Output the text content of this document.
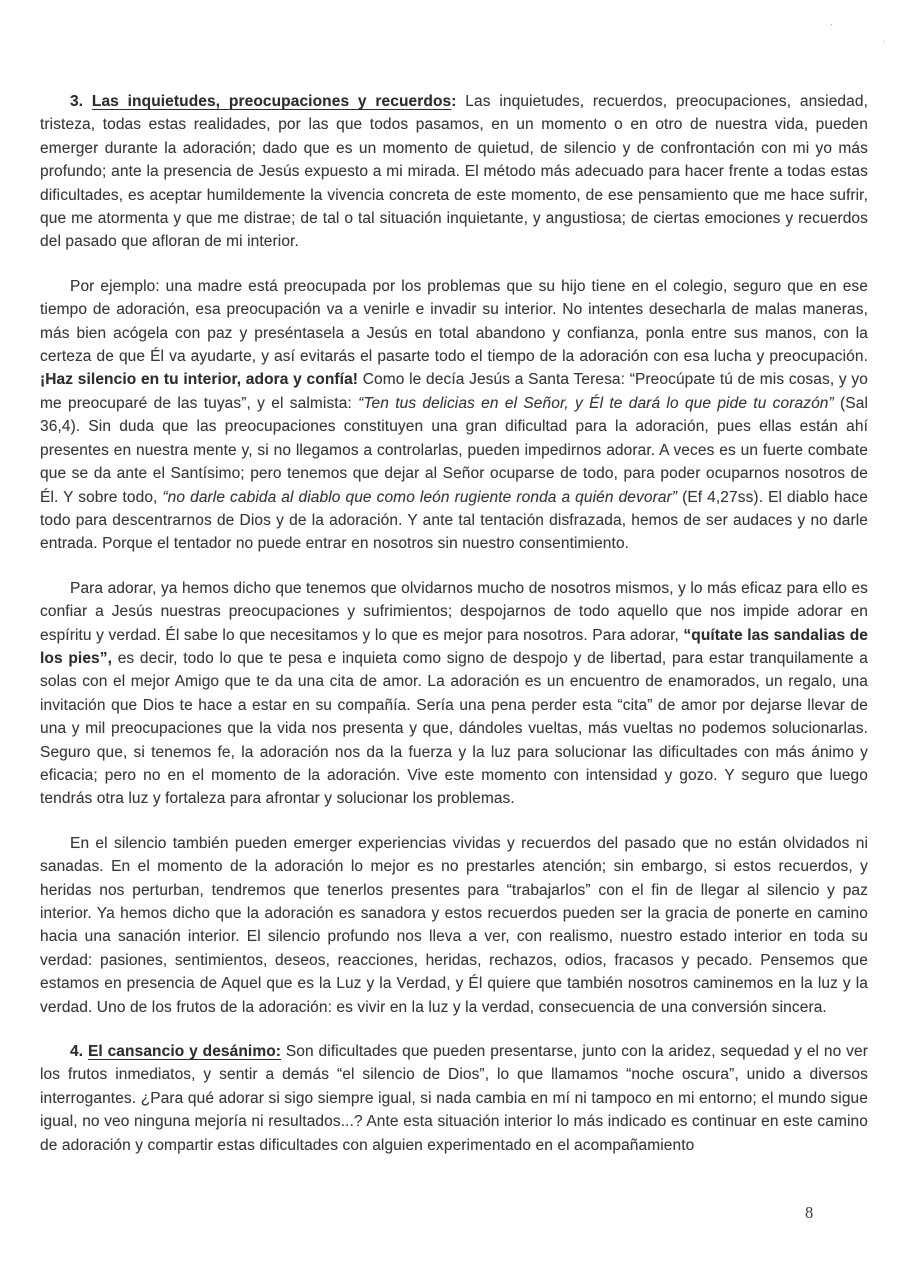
ʼ
ˏ

3. Las inquietudes, preocupaciones y recuerdos: Las inquietudes, recuerdos, preocupaciones, ansiedad, tristeza, todas estas realidades, por las que todos pasamos, en un momento o en otro de nuestra vida, pueden emerger durante la adoración; dado que es un momento de quietud, de silencio y de confrontación con mi yo más profundo; ante la presencia de Jesús expuesto a mi mirada. El método más adecuado para hacer frente a todas estas dificultades, es aceptar humildemente la vivencia concreta de este momento, de ese pensamiento que me hace sufrir, que me atormenta y que me distrae; de tal o tal situación inquietante, y angustiosa; de ciertas emociones y recuerdos del pasado que afloran de mi interior.

Por ejemplo: una madre está preocupada por los problemas que su hijo tiene en el colegio, seguro que en ese tiempo de adoración, esa preocupación va a venirle e invadir su interior. No intentes desecharla de malas maneras, más bien acógela con paz y preséntasela a Jesús en total abandono y confianza, ponla entre sus manos, con la certeza de que Él va ayudarte, y así evitarás el pasarte todo el tiempo de la adoración con esa lucha y preocupación. ¡Haz silencio en tu interior, adora y confía! Como le decía Jesús a Santa Teresa: “Preocúpate tú de mis cosas, y yo me preocuparé de las tuyas”, y el salmista: “Ten tus delicias en el Señor, y Él te dará lo que pide tu corazón” (Sal 36,4). Sin duda que las preocupaciones constituyen una gran dificultad para la adoración, pues ellas están ahí presentes en nuestra mente y, si no llegamos a controlarlas, pueden impedirnos adorar. A veces es un fuerte combate que se da ante el Santísimo; pero tenemos que dejar al Señor ocuparse de todo, para poder ocuparnos nosotros de Él. Y sobre todo, “no darle cabida al diablo que como león rugiente ronda a quién devorar” (Ef 4,27ss). El diablo hace todo para descentrarnos de Dios y de la adoración. Y ante tal tentación disfrazada, hemos de ser audaces y no darle entrada. Porque el tentador no puede entrar en nosotros sin nuestro consentimiento.

Para adorar, ya hemos dicho que tenemos que olvidarnos mucho de nosotros mismos, y lo más eficaz para ello es confiar a Jesús nuestras preocupaciones y sufrimientos; despojarnos de todo aquello que nos impide adorar en espíritu y verdad. Él sabe lo que necesitamos y lo que es mejor para nosotros. Para adorar, “quítate las sandalias de los pies”, es decir, todo lo que te pesa e inquieta como signo de despojo y de libertad, para estar tranquilamente a solas con el mejor Amigo que te da una cita de amor. La adoración es un encuentro de enamorados, un regalo, una invitación que Dios te hace a estar en su compañía. Sería una pena perder esta “cita” de amor por dejarse llevar de una y mil preocupaciones que la vida nos presenta y que, dándoles vueltas, más vueltas no podemos solucionarlas. Seguro que, si tenemos fe, la adoración nos da la fuerza y la luz para solucionar las dificultades con más ánimo y eficacia; pero no en el momento de la adoración. Vive este momento con intensidad y gozo. Y seguro que luego tendrás otra luz y fortaleza para afrontar y solucionar los problemas.

En el silencio también pueden emerger experiencias vividas y recuerdos del pasado que no están olvidados ni sanadas. En el momento de la adoración lo mejor es no prestarles atención; sin embargo, si estos recuerdos, y heridas nos perturban, tendremos que tenerlos presentes para “trabajarlos” con el fin de llegar al silencio y paz interior. Ya hemos dicho que la adoración es sanadora y estos recuerdos pueden ser la gracia de ponerte en camino hacia una sanación interior. El silencio profundo nos lleva a ver, con realismo, nuestro estado interior en toda su verdad: pasiones, sentimientos, deseos, reacciones, heridas, rechazos, odios, fracasos y pecado. Pensemos que estamos en presencia de Aquel que es la Luz y la Verdad, y Él quiere que también nosotros caminemos en la luz y la verdad. Uno de los frutos de la adoración: es vivir en la luz y la verdad, consecuencia de una conversión sincera.

4. El cansancio y desánimo: Son dificultades que pueden presentarse, junto con la aridez, sequedad y el no ver los frutos inmediatos, y sentir a demás “el silencio de Dios”, lo que llamamos “noche oscura”, unido a diversos interrogantes. ¿Para qué adorar si sigo siempre igual, si nada cambia en mí ni tampoco en mi entorno; el mundo sigue igual, no veo ninguna mejoría ni resultados...? Ante esta situación interior lo más indicado es continuar en este camino de adoración y compartir estas dificultades con alguien experimentado en el acompañamiento

8
